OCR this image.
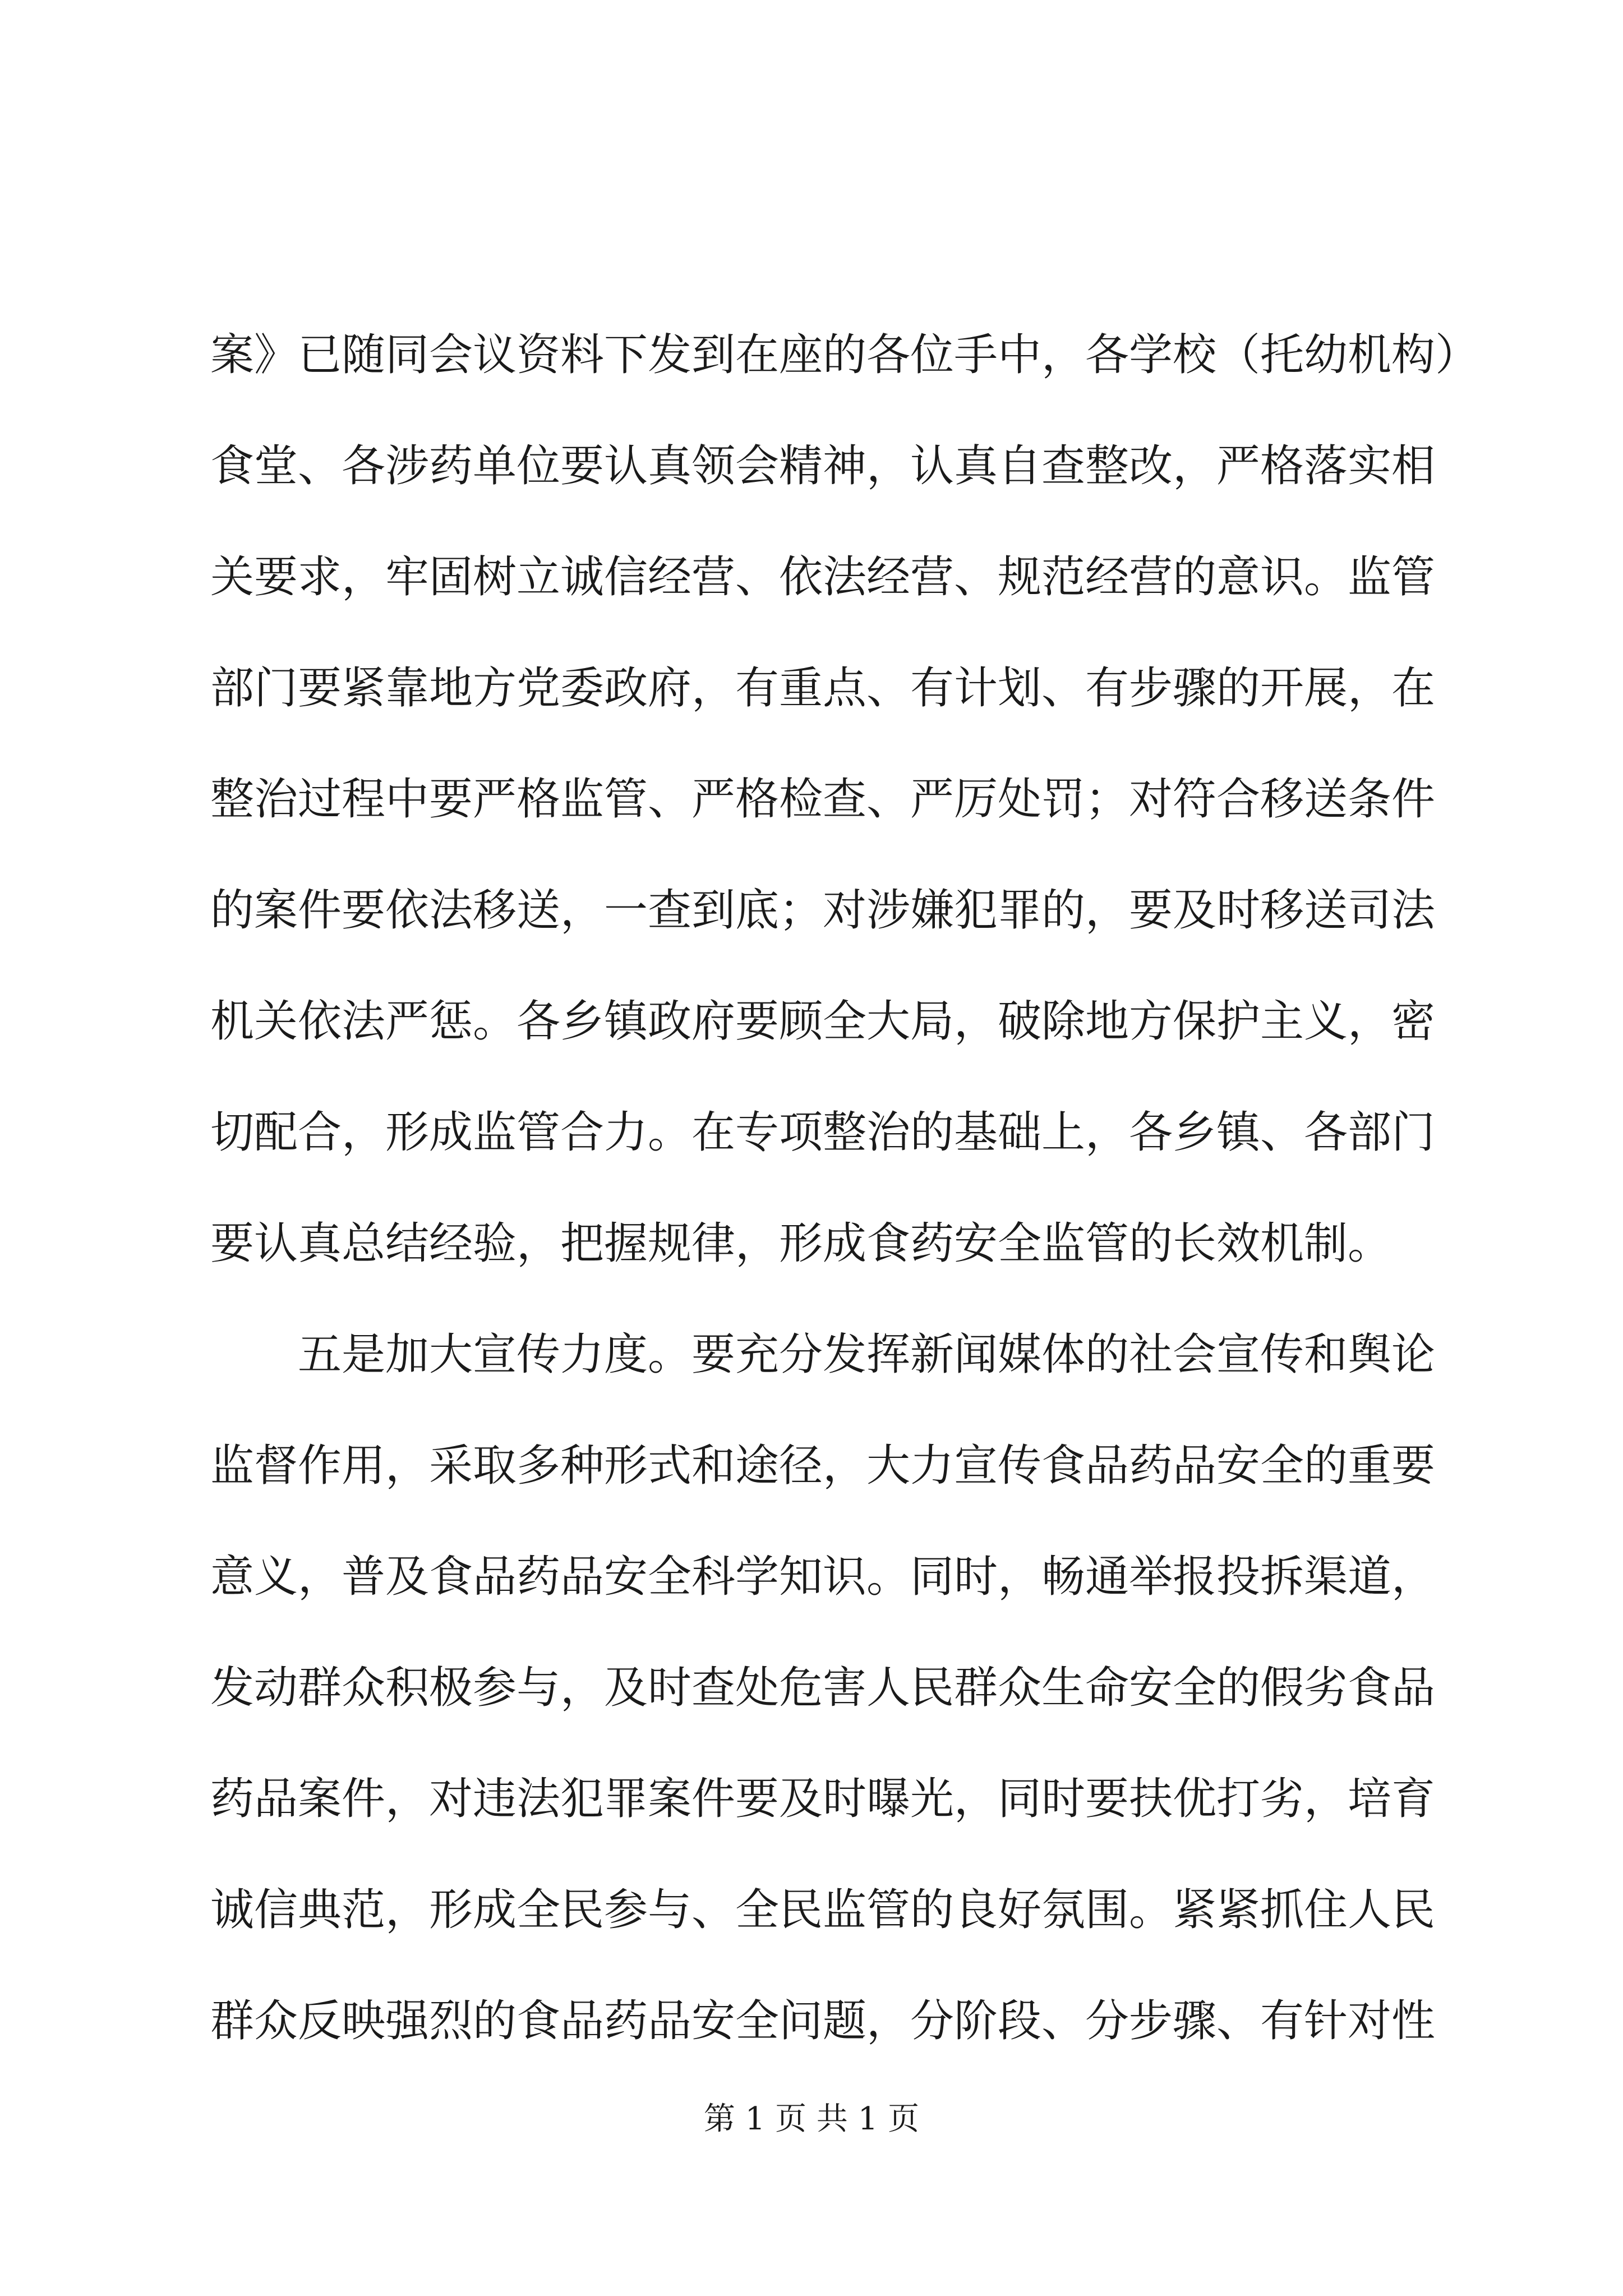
案》已随同会议资料下发到在座的各位手中，各学校（托幼机构）
食堂、各涉药单位要认真领会精神，认真自查整改，严格落实相
关要求，牢固树立诚信经营、依法经营、规范经营的意识。监管
部门要紧靠地方党委政府，有重点、有计划、有步骤的开展，在
整治过程中要严格监管、严格检查、严厉处罚；对符合移送条件
的案件要依法移送，一查到底；对涉嫌犯罪的，要及时移送司法
机关依法严惩。各乡镇政府要顾全大局，破除地方保护主义，密
切配合，形成监管合力。在专项整治的基础上，各乡镇、各部门
要认真总结经验，把握规律，形成食药安全监管的长效机制。
五是加大宣传力度。要充分发挥新闻媒体的社会宣传和舆论
监督作用，采取多种形式和途径，大力宣传食品药品安全的重要
意义，普及食品药品安全科学知识。同时，畅通举报投拆渠道，
发动群众积极参与，及时查处危害人民群众生命安全的假劣食品
药品案件，对违法犯罪案件要及时曝光，同时要扶优打劣，培育
诚信典范，形成全民参与、全民监管的良好氛围。紧紧抓住人民
群众反映强烈的食品药品安全问题，分阶段、分步骤、有针对性
第 1 页 共 1 页
